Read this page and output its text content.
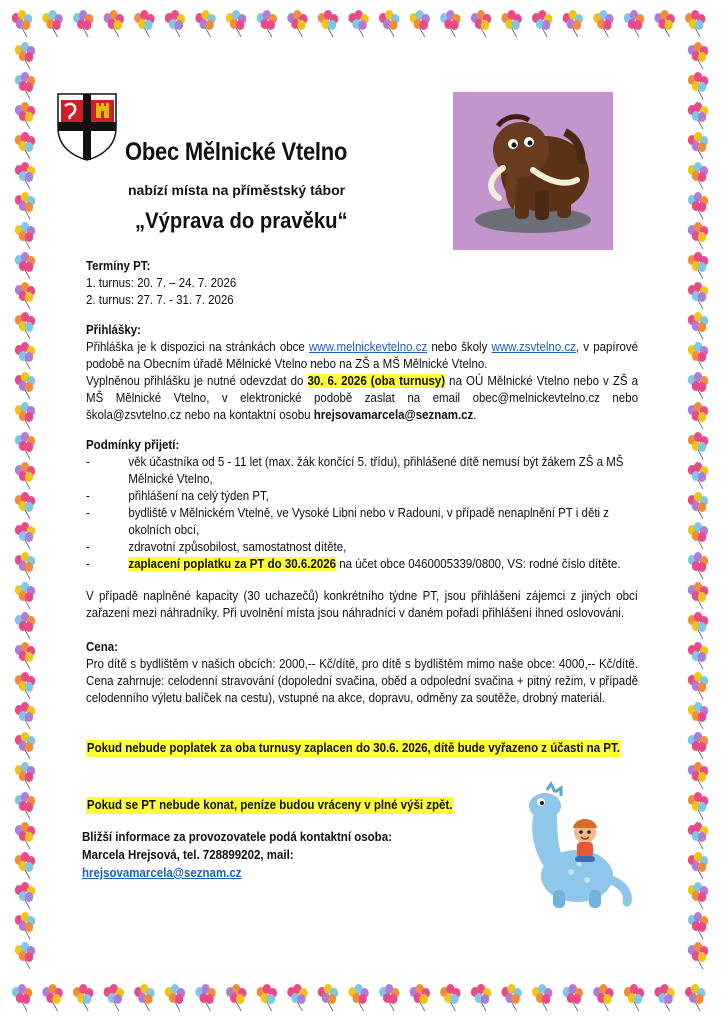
Obec Mělnické Vtelno
nabízí místa na příměstský tábor
„Výprava do pravěku“
Termíny PT:
1. turnus: 20. 7. – 24. 7. 2026
2. turnus: 27. 7. - 31. 7. 2026
Přihlášky:
Přihláška je k dispozici na stránkách obce www.melnickevtelno.cz nebo školy www.zsvtelno.cz, v papírové podobě na Obecním úřadě Mělnické Vtelno nebo na ZŠ a MŠ Mělnické Vtelno.
Vyplněnou přihlášku je nutné odevzdat do 30. 6. 2026 (oba turnusy) na OÚ Mělnické Vtelno nebo v ZŠ a MŠ Mělnické Vtelno, v elektronické podobě zaslat na email obec@melnickevtelno.cz nebo škola@zsvtelno.cz nebo na kontaktní osobu hrejsovamarcela@seznam.cz.
Podmínky přijetí:
-	věk účastníka od 5 - 11 let (max. žák končící 5. třídu), přihlášené dítě nemusí být žákem ZŠ a MŠ Mělnické Vtelno,
-	přihlášení na celý týden PT,
-	bydliště v Mělnickém Vtelně, ve Vysoké Libni nebo v Radouni, v případě nenaplnění PT i děti z okolních obcí,
-	zdravotní způsobilost, samostatnost dítěte,
-	zaplacení poplatku za PT do 30.6.2026 na účet obce 0460005339/0800, VS: rodné číslo dítěte.
V případě naplněné kapacity (30 uchazečů) konkrétního týdne PT, jsou přihlášení zájemci z jiných obcí zařazeni mezi náhradníky. Při uvolnění místa jsou náhradníci v daném pořadí přihlášení ihned oslovováni.
Cena:
Pro dítě s bydlištěm v našich obcích: 2000,-- Kč/dítě, pro dítě s bydlištěm mimo naše obce: 4000,-- Kč/dítě. Cena zahrnuje: celodenní stravování (dopolední svačina, oběd a odpolední svačina + pitný režim, v případě celodenního výletu balíček na cestu), vstupné na akce, dopravu, odměny za soutěže, drobný materiál.
Pokud nebude poplatek za oba turnusy zaplacen do 30.6. 2026, dítě bude vyřazeno z účasti na PT.
Pokud se PT nebude konat, peníze budou vráceny v plné výši zpět.
Bližší informace za provozovatele podá kontaktní osoba:
Marcela Hrejsová, tel. 728899202, mail:
hrejsovamarcela@seznam.cz
